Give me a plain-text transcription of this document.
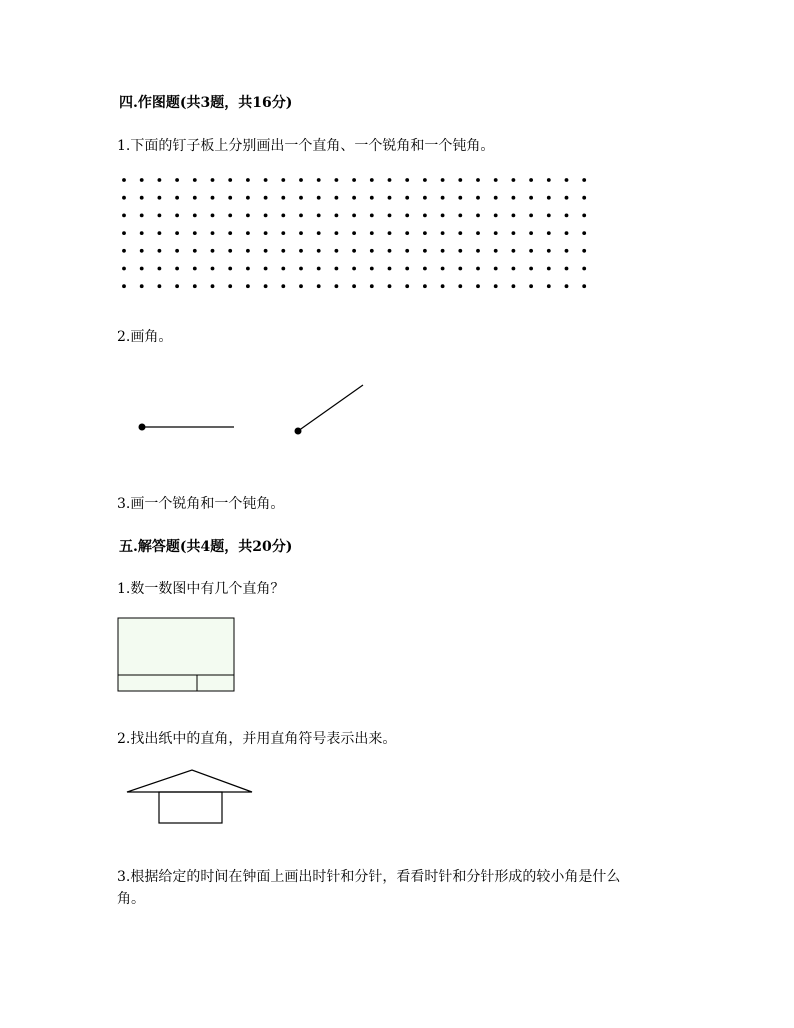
四.作图题(共3题，共16分)
1.下面的钉子板上分别画出一个直角、一个锐角和一个钝角。
2.画角。
3.画一个锐角和一个钝角。
五.解答题(共4题，共20分)
1.数一数图中有几个直角？
2.找出纸中的直角，并用直角符号表示出来。
3.根据给定的时间在钟面上画出时针和分针，看看时针和分针形成的较小角是什么
角。
